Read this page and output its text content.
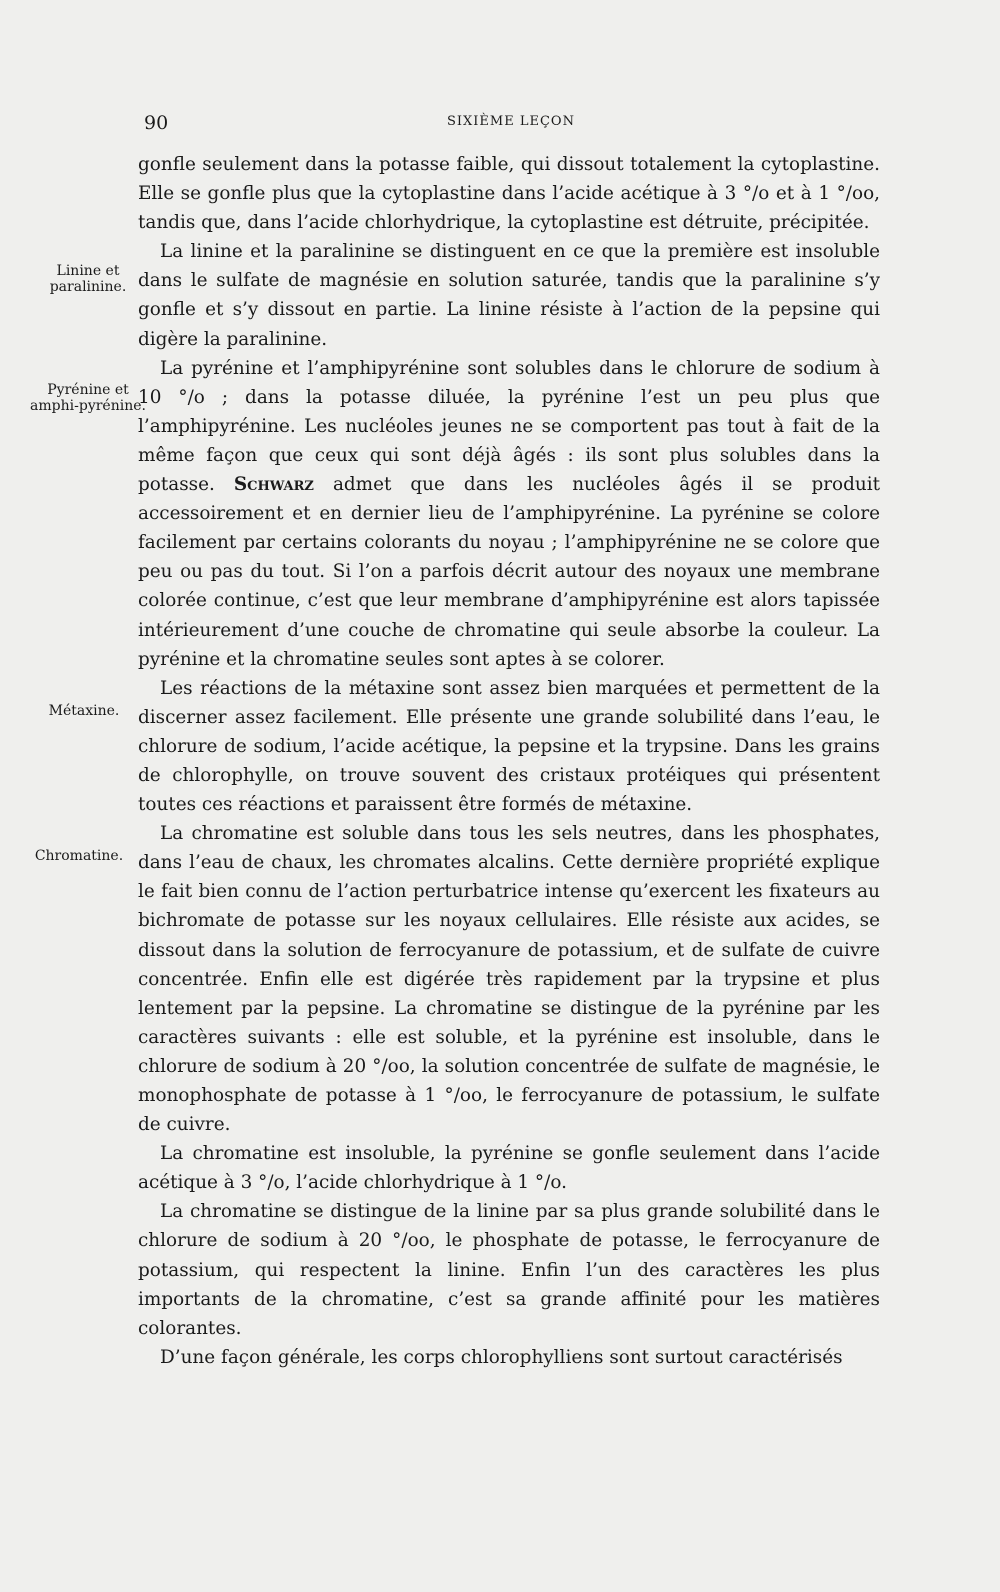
90	SIXIÈME LEÇON
Linine et paralinine.
Pyrénine et amphi-pyrénine.
Métaxine.
Chromatine.

gonfle seulement dans la potasse faible, qui dissout totalement la cytoplastine. Elle se gonfle plus que la cytoplastine dans l’acide acétique à 3 °/o et à 1 °/oo, tandis que, dans l’acide chlorhydrique, la cytoplastine est détruite, précipitée.

La linine et la paralinine se distinguent en ce que la première est insoluble dans le sulfate de magnésie en solution saturée, tandis que la paralinine s’y gonfle et s’y dissout en partie. La linine résiste à l’action de la pepsine qui digère la paralinine.

La pyrénine et l’amphipyrénine sont solubles dans le chlorure de sodium à 10 °/o ; dans la potasse diluée, la pyrénine l’est un peu plus que l’amphipyrénine. Les nucléoles jeunes ne se comportent pas tout à fait de la même façon que ceux qui sont déjà âgés : ils sont plus solubles dans la potasse. Schwarz admet que dans les nucléoles âgés il se produit accessoirement et en dernier lieu de l’amphipyrénine. La pyrénine se colore facilement par certains colorants du noyau ; l’amphipyrénine ne se colore que peu ou pas du tout. Si l’on a parfois décrit autour des noyaux une membrane colorée continue, c’est que leur membrane d’amphipyrénine est alors tapissée intérieurement d’une couche de chromatine qui seule absorbe la couleur. La pyrénine et la chromatine seules sont aptes à se colorer.

Les réactions de la métaxine sont assez bien marquées et permettent de la discerner assez facilement. Elle présente une grande solubilité dans l’eau, le chlorure de sodium, l’acide acétique, la pepsine et la trypsine. Dans les grains de chlorophylle, on trouve souvent des cristaux protéiques qui présentent toutes ces réactions et paraissent être formés de métaxine.

La chromatine est soluble dans tous les sels neutres, dans les phosphates, dans l’eau de chaux, les chromates alcalins. Cette dernière propriété explique le fait bien connu de l’action perturbatrice intense qu’exercent les fixateurs au bichromate de potasse sur les noyaux cellulaires. Elle résiste aux acides, se dissout dans la solution de ferrocyanure de potassium, et de sulfate de cuivre concentrée. Enfin elle est digérée très rapidement par la trypsine et plus lentement par la pepsine. La chromatine se distingue de la pyrénine par les caractères suivants : elle est soluble, et la pyrénine est insoluble, dans le chlorure de sodium à 20 °/oo, la solution concentrée de sulfate de magnésie, le monophosphate de potasse à 1 °/oo, le ferrocyanure de potassium, le sulfate de cuivre.

La chromatine est insoluble, la pyrénine se gonfle seulement dans l’acide acétique à 3 °/o, l’acide chlorhydrique à 1 °/o.

La chromatine se distingue de la linine par sa plus grande solubilité dans le chlorure de sodium à 20 °/oo, le phosphate de potasse, le ferrocyanure de potassium, qui respectent la linine. Enfin l’un des caractères les plus importants de la chromatine, c’est sa grande affinité pour les matières colorantes.

D’une façon générale, les corps chlorophylliens sont surtout caractérisés
